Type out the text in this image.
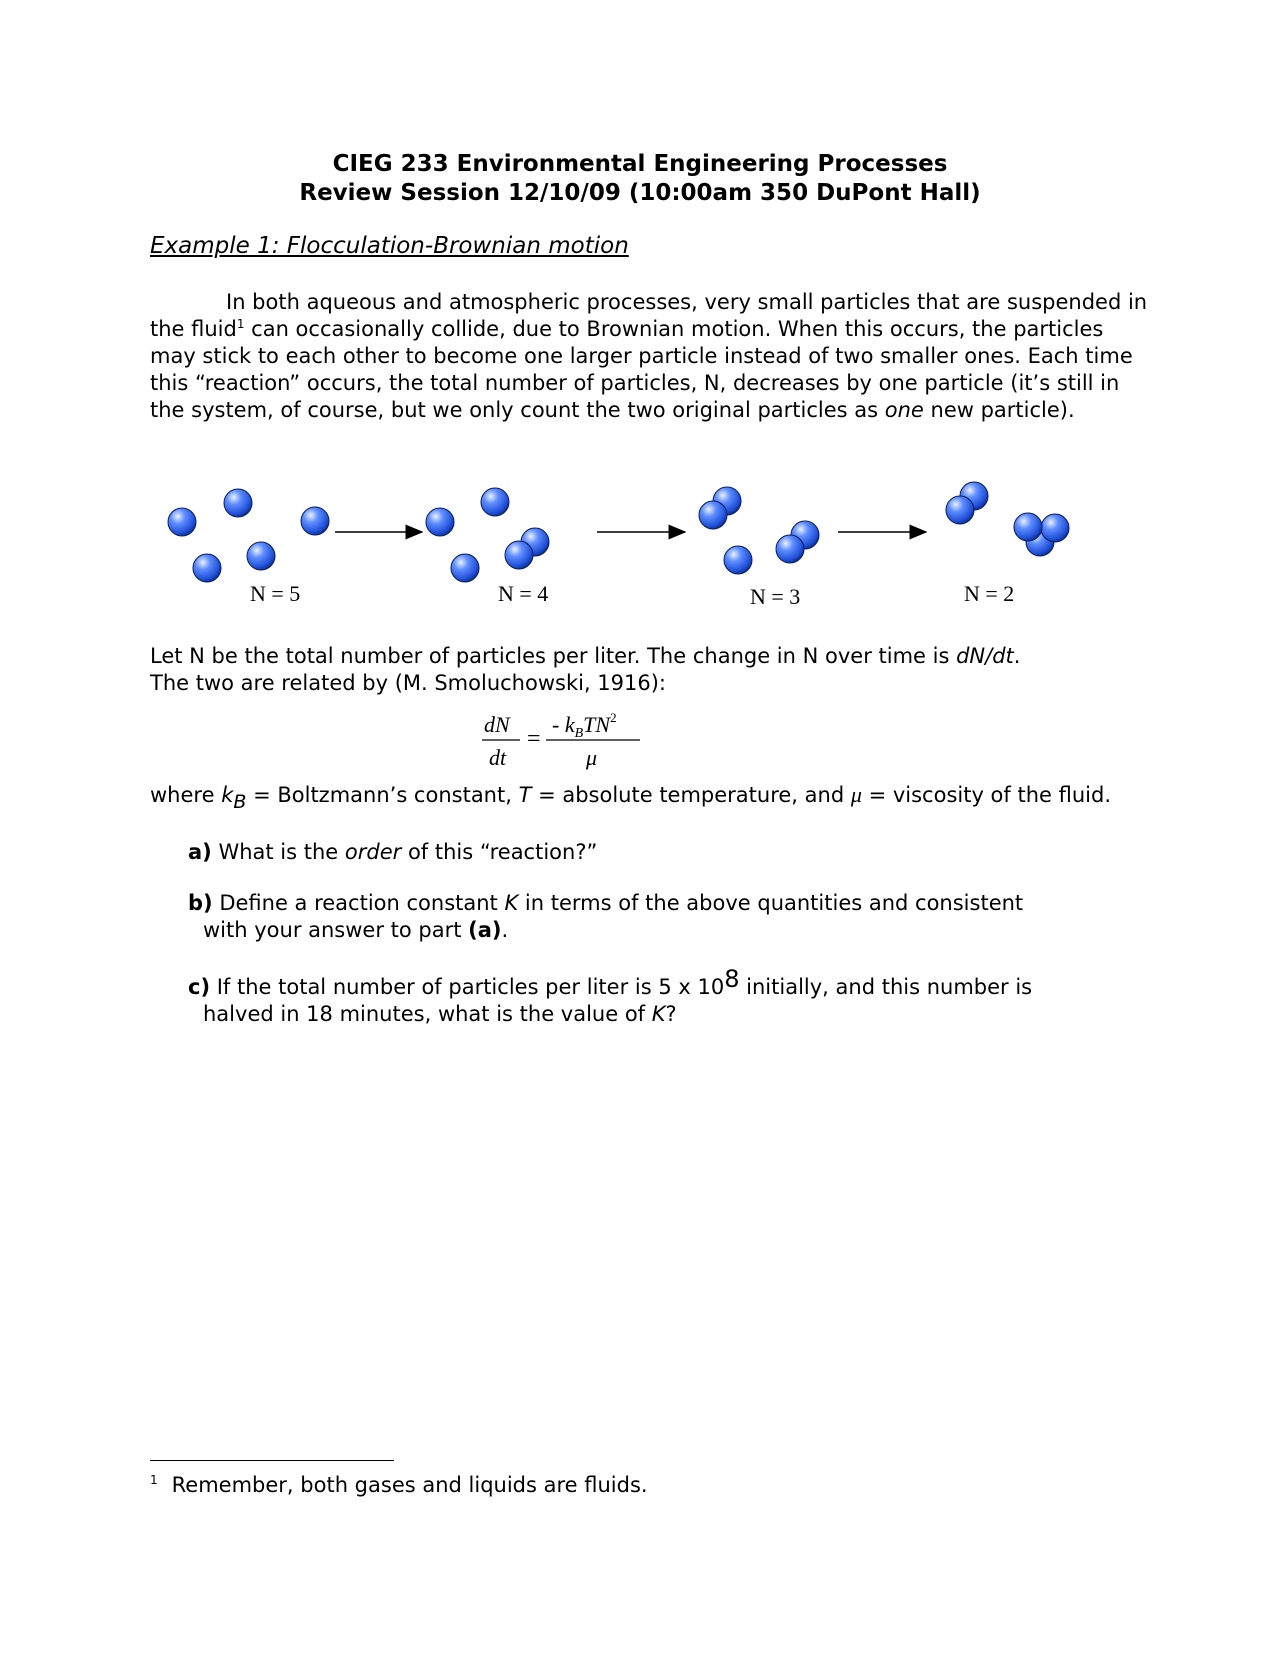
CIEG 233 Environmental Engineering Processes
Review Session 12/10/09 (10:00am 350 DuPont Hall)
Example 1: Flocculation-Brownian motion

In both aqueous and atmospheric processes, very small particles that are suspended in the fluid$^1$ can occasionally collide, due to Brownian motion. When this occurs, the particles may stick to each other to become one larger particle instead of two smaller ones. Each time this “reaction” occurs, the total number of particles, N, decreases by one particle (it’s still in the system, of course, but we only count the two original particles as one new particle).

N = 5	N = 4	N = 3	N = 2

Let N be the total number of particles per liter. The change in N over time is dN/dt.

The two are related by (M. Smoluchowski, 1916):

dN
dt
=
- $k_BTN^2$
μ
where kB = Boltzmann’s constant, T = absolute temperature, and μ = viscosity of the fluid.
a) What is the order of this “reaction?”
b) Define a reaction constant K in terms of the above quantities and consistent
with your answer to part (a).
c) If the total number of particles per liter is 5 x 108 initially, and this number is
halved in 18 minutes, what is the value of K?
$^1$ Remember, both gases and liquids are fluids.
